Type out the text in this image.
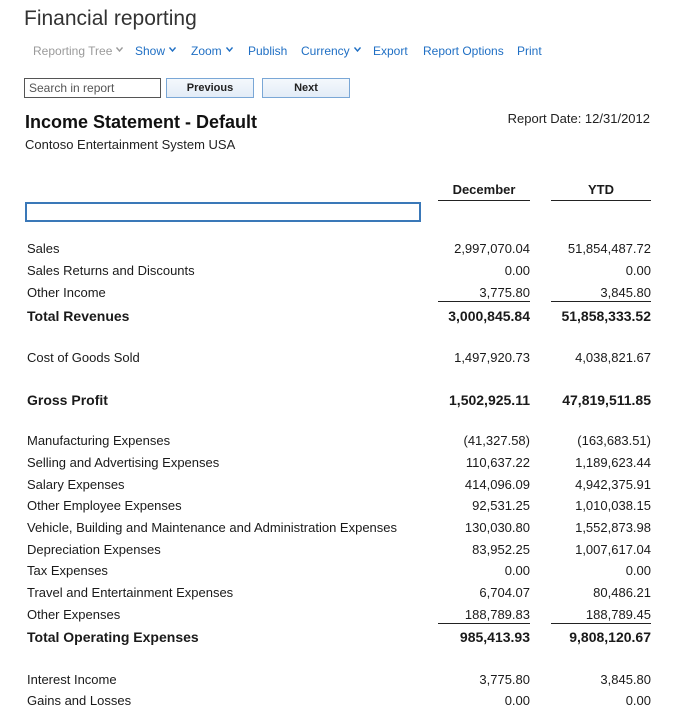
Financial reporting
Reporting Tree	Show	Zoom	Publish Currency	Export Report Options Print
Search in report
Previous	Next
Income Statement - Default
Contoso Entertainment System USA
Report Date: 12/31/2012
December	YTD
Sales	2,997,070.04	51,854,487.72
Sales Returns and Discounts	0.00	0.00
Other Income	3,775.80	3,845.80
Total Revenues	3,000,845.84 51,858,333.52
Cost of Goods Sold	1,497,920.73	4,038,821.67
Gross Profit	1,502,925.11 47,819,511.85
Manufacturing Expenses	(41,327.58)	(163,683.51)
Selling and Advertising Expenses	110,637.22	1,189,623.44
Salary Expenses	414,096.09	4,942,375.91
Other Employee Expenses	92,531.25	1,010,038.15
Vehicle, Building and Maintenance and Administration Expenses	130,030.80	1,552,873.98
Depreciation Expenses	83,952.25	1,007,617.04
Tax Expenses	0.00	0.00
Travel and Entertainment Expenses	6,704.07	80,486.21
Other Expenses	188,789.83	188,789.45
Total Operating Expenses	985,413.93	9,808,120.67
Interest Income	3,775.80	3,845.80
Gains and Losses	0.00	0.00
